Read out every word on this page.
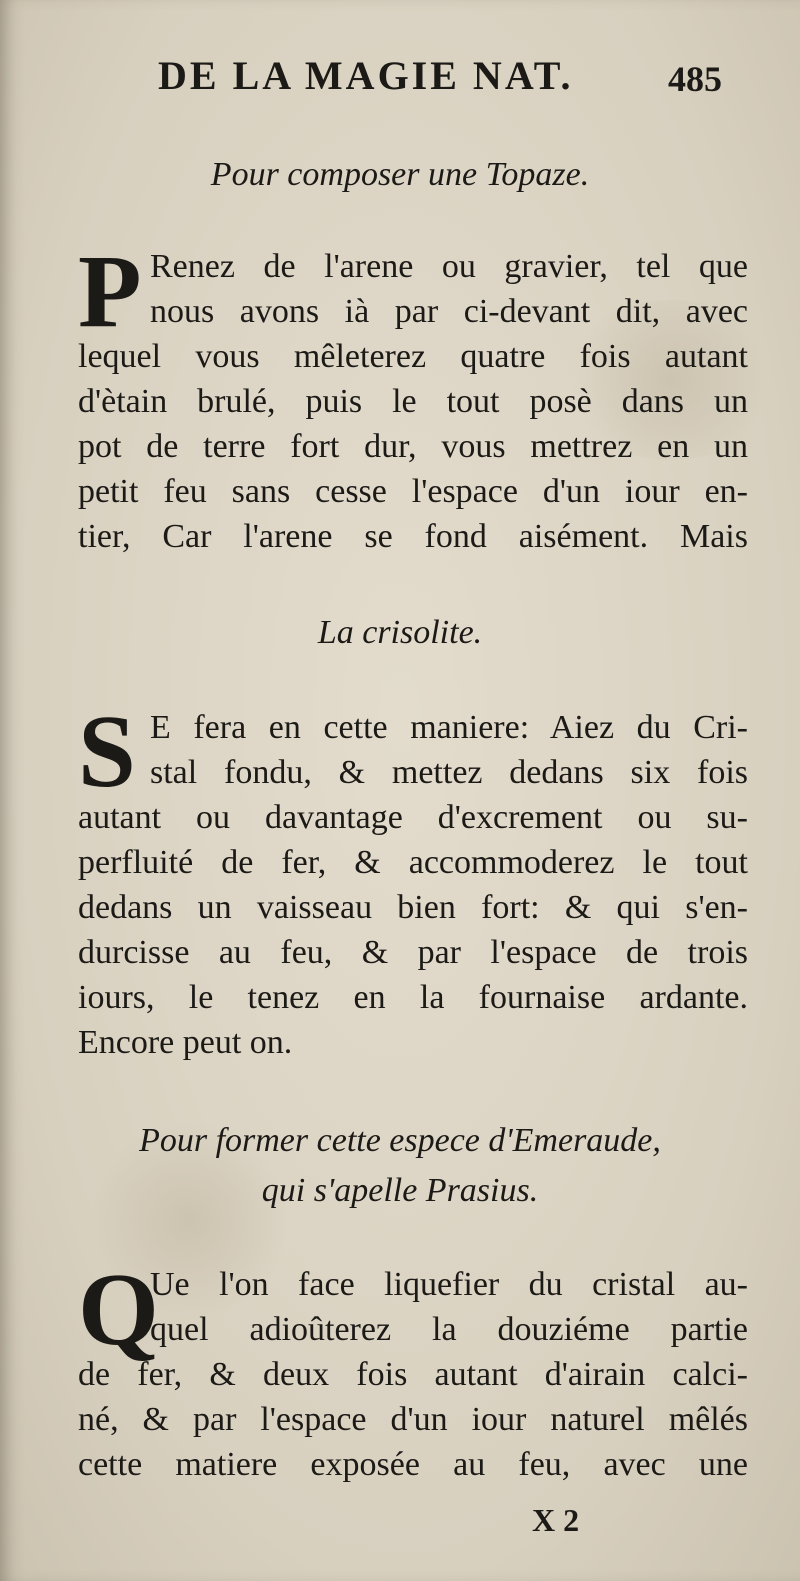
DE LA MAGIE NAT.	485
Pour composer une Topaze.
P Renez de l'arene ou gravier, tel que
nous avons ià par ci-devant dit, avec
lequel vous mêleterez quatre fois autant
d'ètain brulé, puis le tout posè dans un
pot de terre fort dur, vous mettrez en un
petit feu sans cesse l'espace d'un iour en-
tier, Car l'arene se fond aisément. Mais
La crisolite.
S E fera en cette maniere: Aiez du Cri-
stal fondu, & mettez dedans six fois
autant ou davantage d'excrement ou su-
perfluité de fer, & accommoderez le tout
dedans un vaisseau bien fort: & qui s'en-
durcisse au feu, & par l'espace de trois
iours, le tenez en la fournaise ardante.
Encore peut on.
Pour former cette espece d'Emeraude,
qui s'apelle Prasius.
Q
Ue l'on face liquefier du cristal au-
quel adioûterez la douziéme partie
de fer, & deux fois autant d'airain calci-
né, & par l'espace d'un iour naturel mêlés
cette matiere exposée au feu, avec une
X 2
